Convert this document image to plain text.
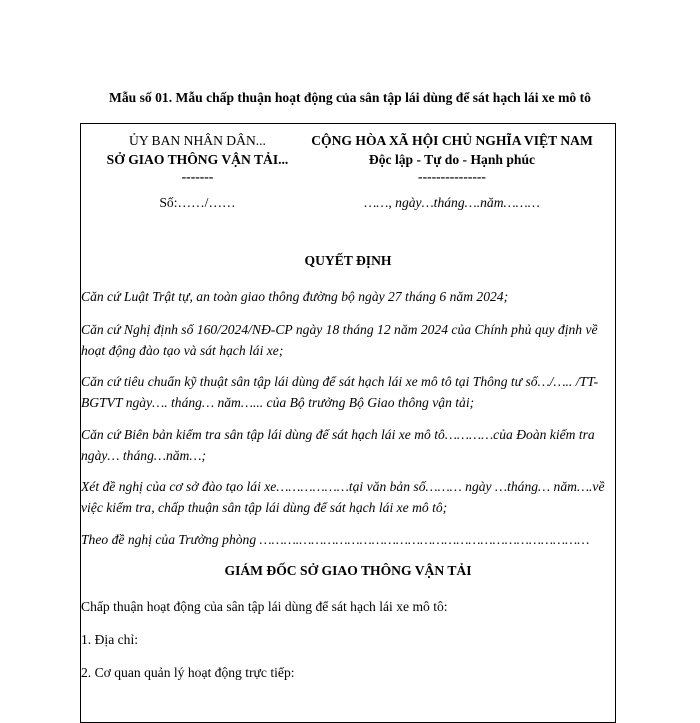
Mẫu số 01. Mẫu chấp thuận hoạt động của sân tập lái dùng để sát hạch lái xe mô tô
ỦY BAN NHÂN DÂN...
SỞ GIAO THÔNG VẬN TẢI...
-------
Số:……/……
CỘNG HÒA XÃ HỘI CHỦ NGHĨA VIỆT NAM
Độc lập - Tự do - Hạnh phúc
---------------
……, ngày…tháng….năm………
QUYẾT ĐỊNH
Căn cứ Luật Trật tự, an toàn giao thông đường bộ ngày 27 tháng 6 năm 2024;
Căn cứ Nghị định số 160/2024/NĐ-CP ngày 18 tháng 12 năm 2024 của Chính phủ quy định về hoạt động đào tạo và sát hạch lái xe;
Căn cứ tiêu chuẩn kỹ thuật sân tập lái dùng để sát hạch lái xe mô tô tại Thông tư số…/….. /TT-BGTVT ngày…. tháng… năm…... của Bộ trưởng Bộ Giao thông vận tải;
Căn cứ Biên bản kiểm tra sân tập lái dùng để sát hạch lái xe mô tô…………của Đoàn kiểm tra ngày… tháng…năm…;
Xét đề nghị của cơ sở đào tạo lái xe………………tại văn bản số……… ngày …tháng… năm….về việc kiểm tra, chấp thuận sân tập lái dùng để sát hạch lái xe mô tô;
Theo đề nghị của Trưởng phòng ……….………………………………………………………………
GIÁM ĐỐC SỞ GIAO THÔNG VẬN TẢI
Chấp thuận hoạt động của sân tập lái dùng để sát hạch lái xe mô tô:
1. Địa chỉ:
2. Cơ quan quản lý hoạt động trực tiếp:
